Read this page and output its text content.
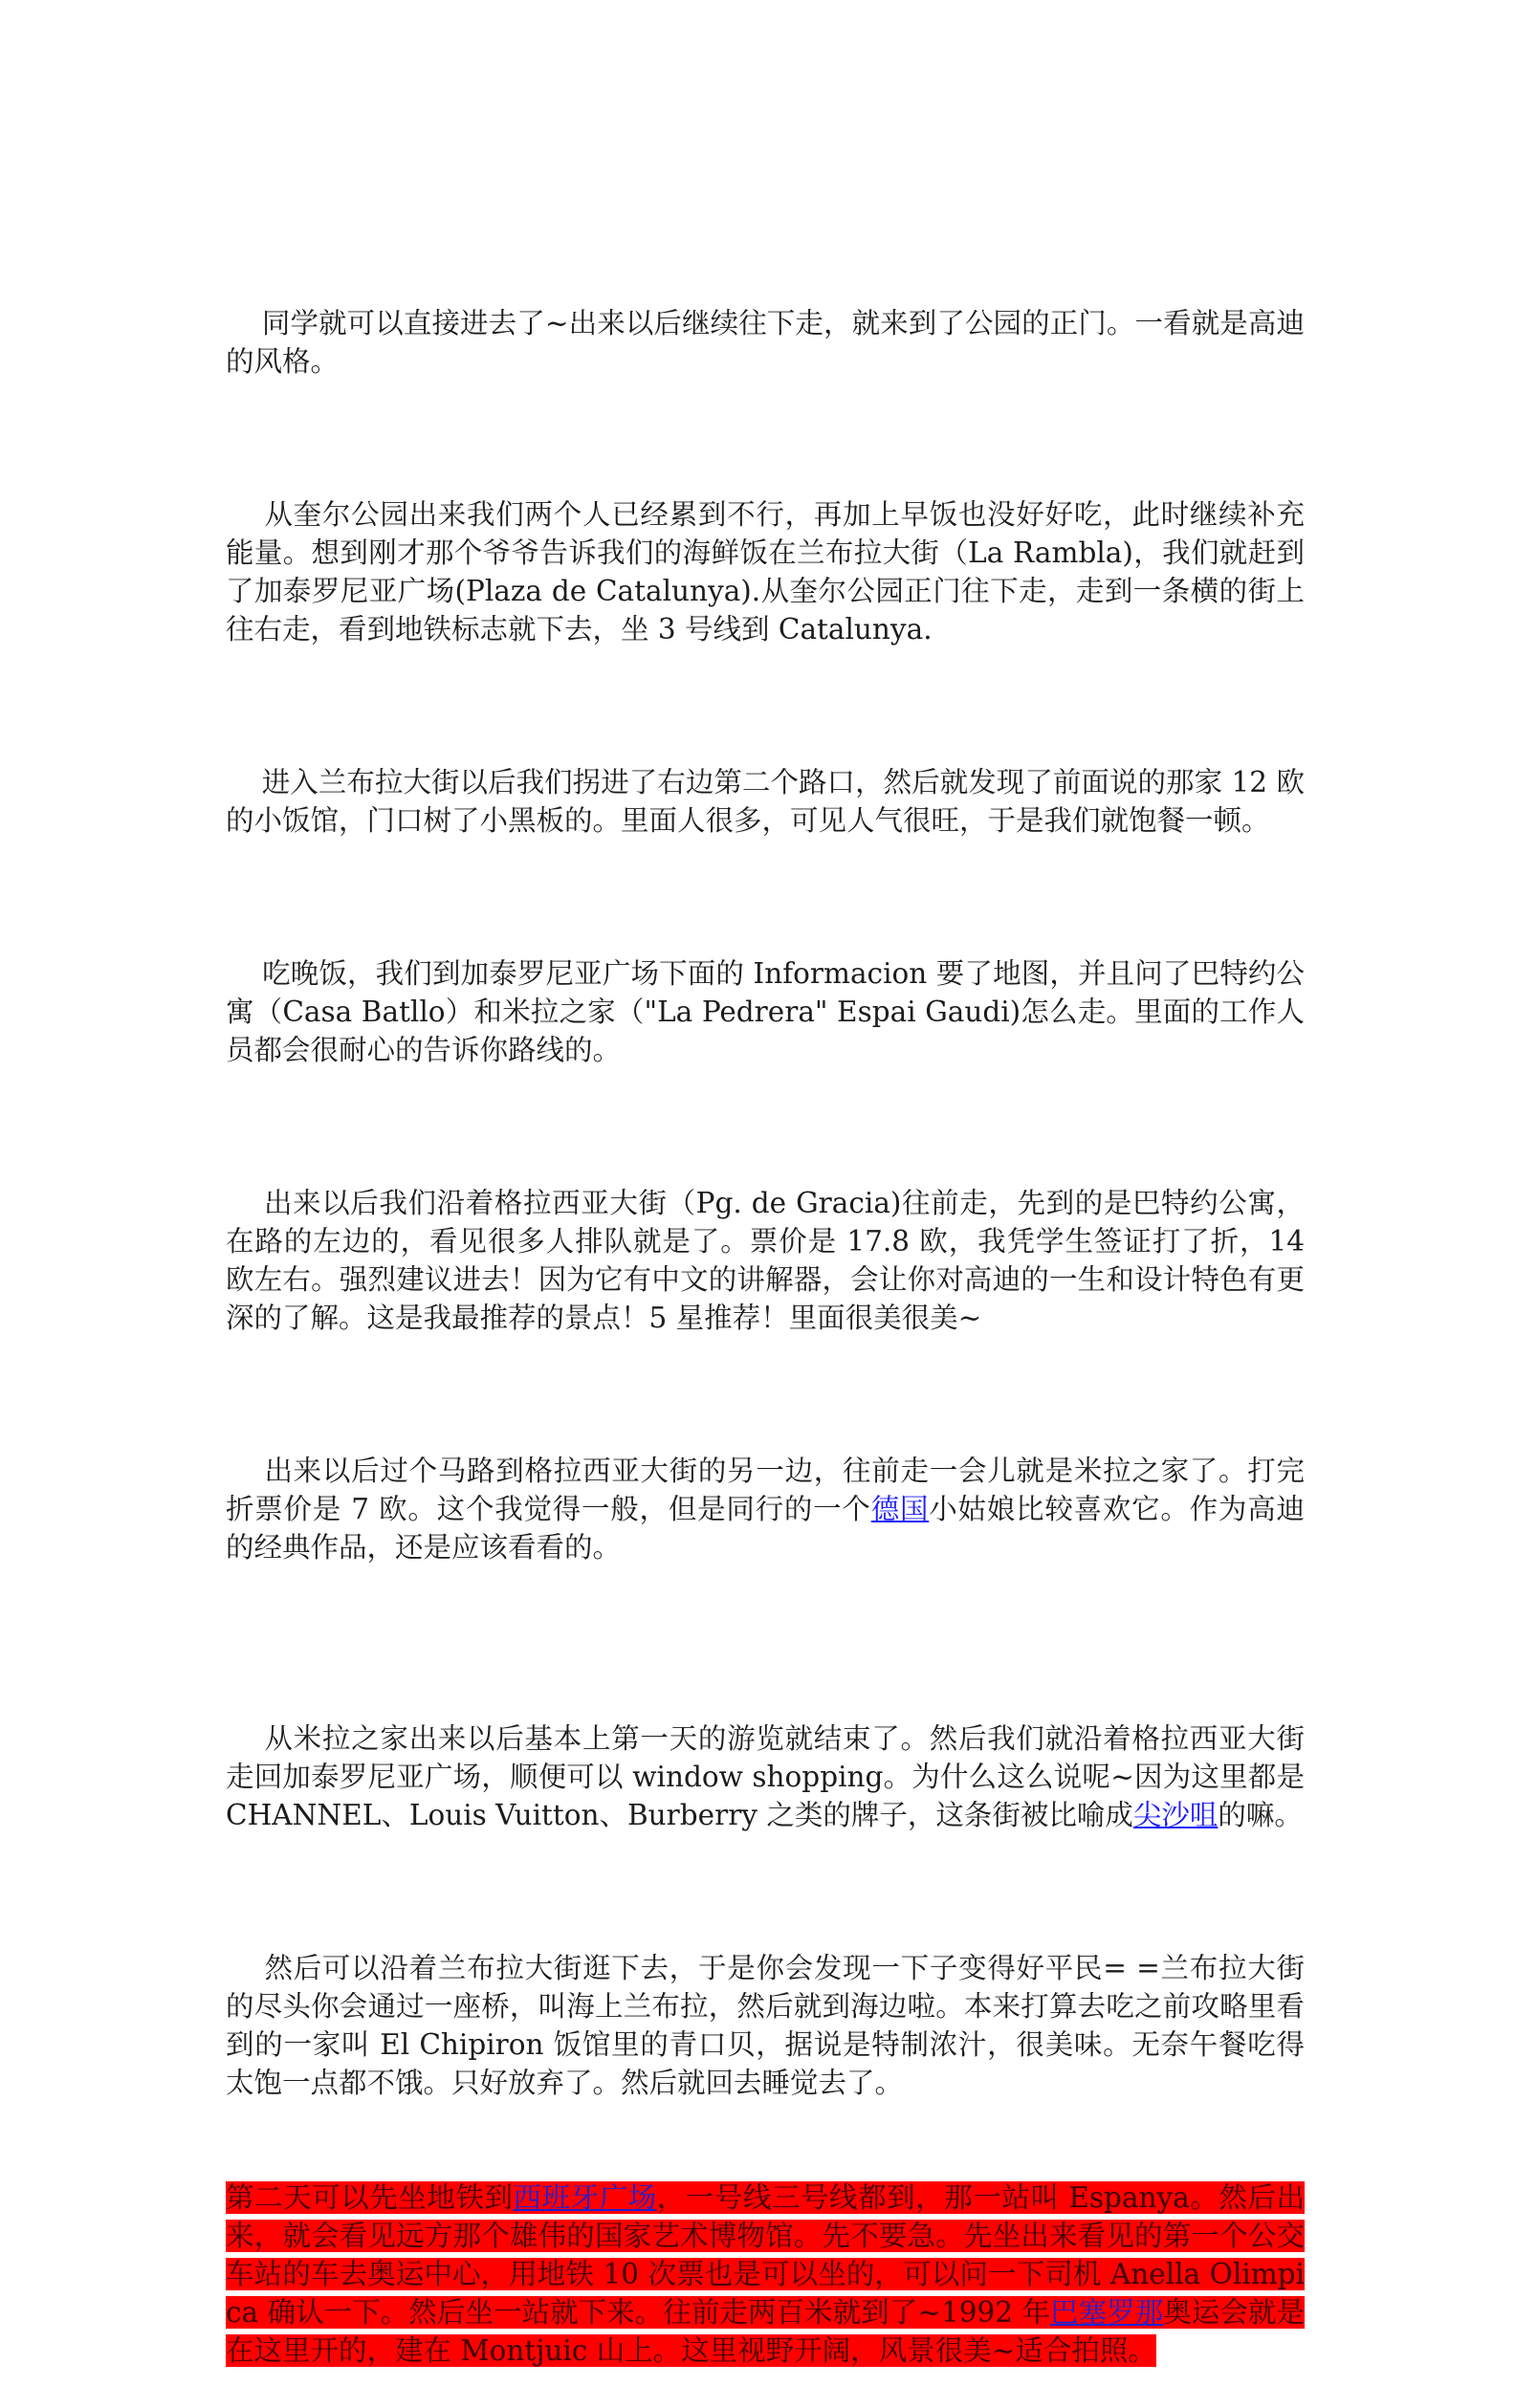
同学就可以直接进去了~出来以后继续往下走，就来到了公园的正门。一看就是高迪的风格。

从奎尔公园出来我们两个人已经累到不行，再加上早饭也没好好吃，此时继续补充能量。想到刚才那个爷爷告诉我们的海鲜饭在兰布拉大街（La Rambla)，我们就赶到了加泰罗尼亚广场(Plaza de Catalunya).从奎尔公园正门往下走，走到一条横的街上往右走，看到地铁标志就下去，坐 3 号线到 Catalunya.

进入兰布拉大街以后我们拐进了右边第二个路口，然后就发现了前面说的那家 12 欧的小饭馆，门口树了小黑板的。里面人很多，可见人气很旺，于是我们就饱餐一顿。

吃晚饭，我们到加泰罗尼亚广场下面的 Informacion 要了地图，并且问了巴特约公寓（Casa Batllo）和米拉之家（"La Pedrera" Espai Gaudi)怎么走。里面的工作人员都会很耐心的告诉你路线的。

出来以后我们沿着格拉西亚大街（Pg. de Gracia)往前走，先到的是巴特约公寓，在路的左边的，看见很多人排队就是了。票价是 17.8 欧，我凭学生签证打了折，14 欧左右。强烈建议进去！因为它有中文的讲解器，会让你对高迪的一生和设计特色有更深的了解。这是我最推荐的景点！5 星推荐！里面很美很美~

出来以后过个马路到格拉西亚大街的另一边，往前走一会儿就是米拉之家了。打完折票价是 7 欧。这个我觉得一般，但是同行的一个德国小姑娘比较喜欢它。作为高迪的经典作品，还是应该看看的。

从米拉之家出来以后基本上第一天的游览就结束了。然后我们就沿着格拉西亚大街走回加泰罗尼亚广场，顺便可以 window shopping。为什么这么说呢~因为这里都是 CHANNEL、Louis Vuitton、Burberry 之类的牌子，这条街被比喻成尖沙咀的嘛。

然后可以沿着兰布拉大街逛下去，于是你会发现一下子变得好平民= =兰布拉大街的尽头你会通过一座桥，叫海上兰布拉，然后就到海边啦。本来打算去吃之前攻略里看到的一家叫 El Chipiron 饭馆里的青口贝，据说是特制浓汁，很美味。无奈午餐吃得太饱一点都不饿。只好放弃了。然后就回去睡觉去了。

第二天可以先坐地铁到西班牙广场，一号线三号线都到，那一站叫 Espanya。然后出来，就会看见远方那个雄伟的国家艺术博物馆。先不要急。先坐出来看见的第一个公交车站的车去奥运中心，用地铁 10 次票也是可以坐的，可以问一下司机 Anella Olimpica 确认一下。然后坐一站就下来。往前走两百米就到了~1992 年巴塞罗那奥运会就是在这里开的，建在 Montjuic 山上。这里视野开阔，风景很美~适合拍照。
